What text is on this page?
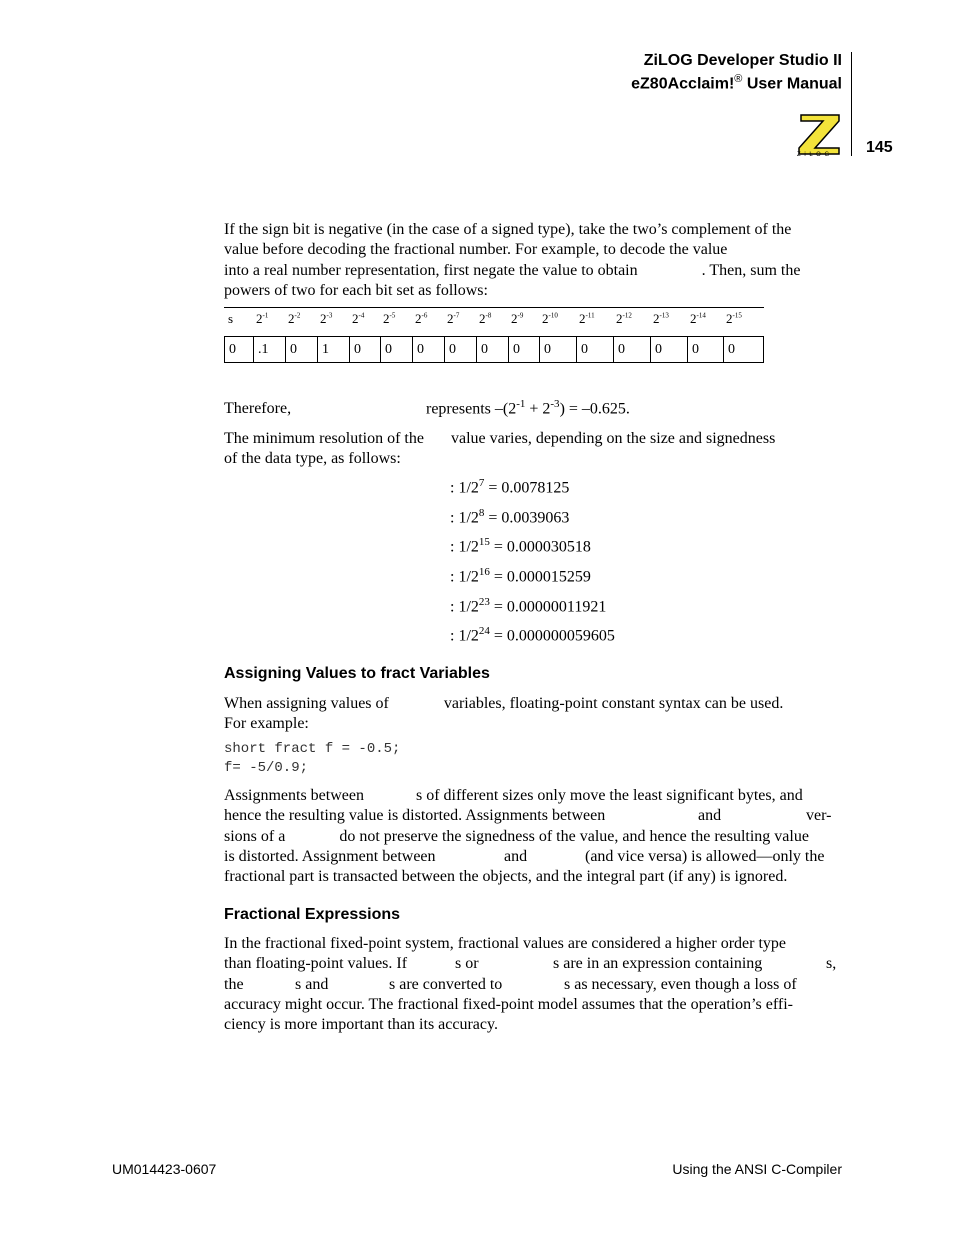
ZiLOG Developer Studio II
eZ80Acclaim!® User Manual
Z i L O G 145
If the sign bit is negative (in the case of a signed type), take the two’s complement of the
value before decoding the fractional number. For example, to decode the value
into a real number representation, first negate the value to obtain	. Then, sum the
powers of two for each bit set as follows:
s $2^{-1}$ $2^{-2}$ $2^{-3}$ $2^{-4}$ $2^{-5}$ $2^{-6}$ $2^{-7}$ $2^{-8}$ $2^{-9}$ $2^{-10}$ $2^{-11}$ $2^{-12}$ $2^{-13}$ $2^{-14}$ $2^{-15}$
0	.1	0	1	0	0	0	0	0	0	0	0	0	0	0	0
Therefore,	represents $-(2^{-1} + 2^{-3}) = -0.625$.
The minimum resolution of the value varies, depending on the size and signedness
of the data type, as follows:
: $1/2^7 = 0.0078125$
: $1/2^8 = 0.0039063$
: $1/2^{15} = 0.000030518$
: $1/2^{16} = 0.000015259$
: $1/2^{23} = 0.00000011921$
: $1/2^{24} = 0.000000059605$
Assigning Values to fract Variables
When assigning values of	variables, floating-point constant syntax can be used.
For example:
short fract f = -0.5;
f= -5/0.9;
Assignments between	s of different sizes only move the least significant bytes, and
hence the resulting value is distorted. Assignments between	and	ver-
sions of a	do not preserve the signedness of the value, and hence the resulting value
is distorted. Assignment between	and	(and vice versa) is allowed—only the
fractional part is transacted between the objects, and the integral part (if any) is ignored.
Fractional Expressions
In the fractional fixed-point system, fractional values are considered a higher order type
than floating-point values. If	s or	s are in an expression containing	s,
the	s and	s are converted to	s as necessary, even though a loss of
accuracy might occur. The fractional fixed-point model assumes that the operation’s effi-
ciency is more important than its accuracy.
UM014423-0607	Using the ANSI C-Compiler
